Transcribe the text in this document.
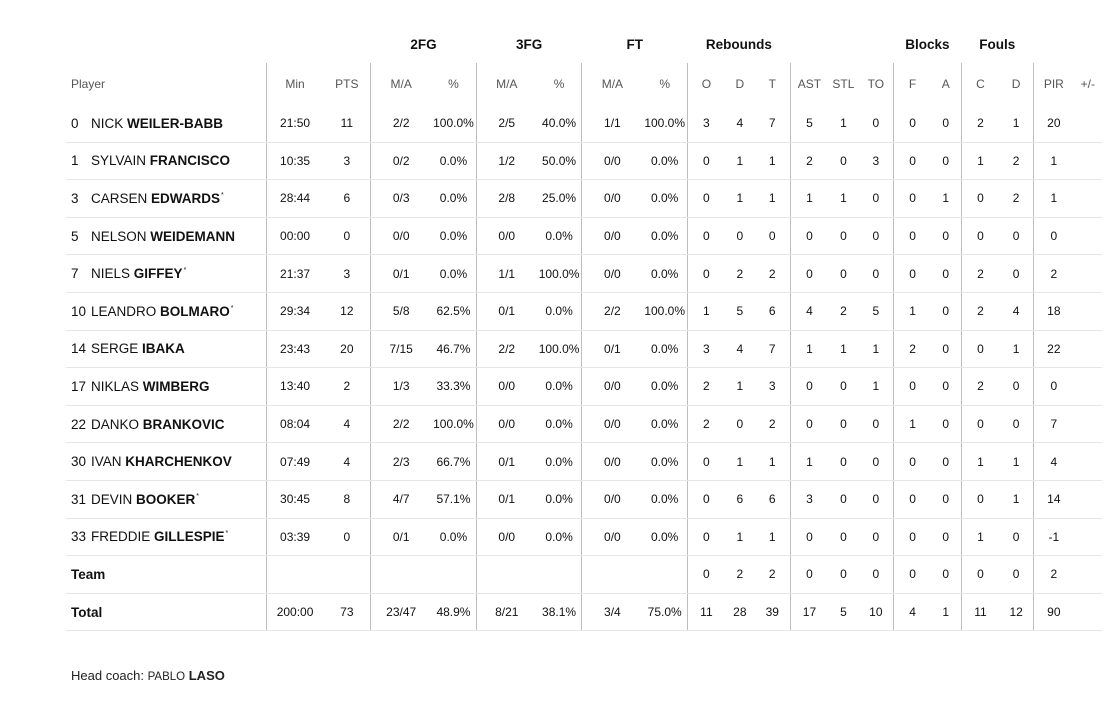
			2FG		3FG		FT		Rebounds						Blocks		Fouls			
Player	Min	PTS	M/A	%	M/A	%	M/A	%	O	D	T	AST	STL	TO	F	A	C	D	PIR	+/-
0 NICK WEILER-BABB	21:50	11	2/2	100.0%	2/5	40.0%	1/1	100.0%	3	4	7	5	1	0	0	0	2	1	20	
1 SYLVAIN FRANCISCO	10:35	3	0/2	0.0%	1/2	50.0%	0/0	0.0%	0	1	1	2	0	3	0	0	1	2	1	
3 CARSEN EDWARDS*	28:44	6	0/3	0.0%	2/8	25.0%	0/0	0.0%	0	1	1	1	1	0	0	1	0	2	1	
5 NELSON WEIDEMANN	00:00	0	0/0	0.0%	0/0	0.0%	0/0	0.0%	0	0	0	0	0	0	0	0	0	0	0	
7 NIELS GIFFEY*	21:37	3	0/1	0.0%	1/1	100.0%	0/0	0.0%	0	2	2	0	0	0	0	0	2	0	2	
10 LEANDRO BOLMARO*	29:34	12	5/8	62.5%	0/1	0.0%	2/2	100.0%	1	5	6	4	2	5	1	0	2	4	18	
14 SERGE IBAKA	23:43	20	7/15	46.7%	2/2	100.0%	0/1	0.0%	3	4	7	1	1	1	2	0	0	1	22	
17 NIKLAS WIMBERG	13:40	2	1/3	33.3%	0/0	0.0%	0/0	0.0%	2	1	3	0	0	1	0	0	2	0	0	
22 DANKO BRANKOVIC	08:04	4	2/2	100.0%	0/0	0.0%	0/0	0.0%	2	0	2	0	0	0	1	0	0	0	7	
30 IVAN KHARCHENKOV	07:49	4	2/3	66.7%	0/1	0.0%	0/0	0.0%	0	1	1	1	0	0	0	0	1	1	4	
31 DEVIN BOOKER*	30:45	8	4/7	57.1%	0/1	0.0%	0/0	0.0%	0	6	6	3	0	0	0	0	0	1	14	
33 FREDDIE GILLESPIE*	03:39	0	0/1	0.0%	0/0	0.0%	0/0	0.0%	0	1	1	0	0	0	0	0	1	0	-1	
Team									0	2	2	0	0	0	0	0	0	0	2	
Total	200:00	73	23/47	48.9%	8/21	38.1%	3/4	75.0%	11	28	39	17	5	10	4	1	11	12	90	
Head coach: PABLO LASO
